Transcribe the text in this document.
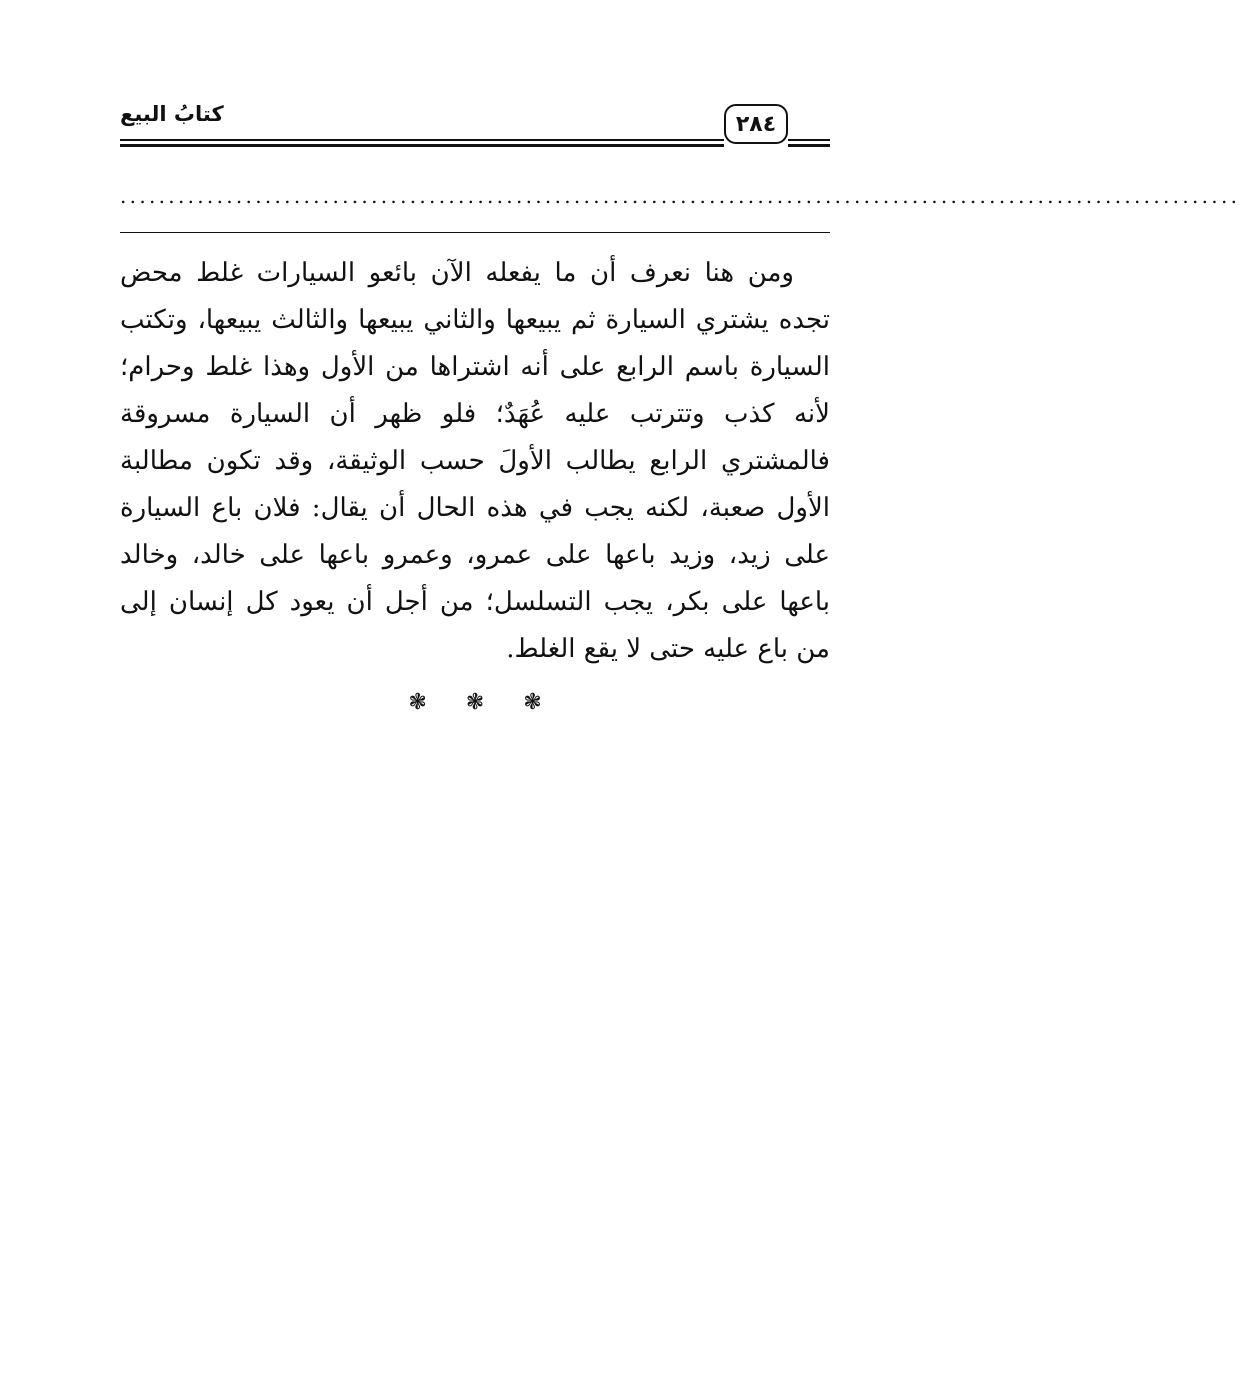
كتابُ البيع	٢٨٤
....................................................................................................................

ومن هنا نعرف أن ما يفعله الآن بائعو السيارات غلط محض تجده يشتري السيارة ثم يبيعها والثاني يبيعها والثالث يبيعها، وتكتب السيارة باسم الرابع على أنه اشتراها من الأول وهذا غلط وحرام؛ لأنه كذب وتترتب عليه عُهَدٌ؛ فلو ظهر أن السيارة مسروقة فالمشتري الرابع يطالب الأولَ حسب الوثيقة، وقد تكون مطالبة الأول صعبة، لكنه يجب في هذه الحال أن يقال: فلان باع السيارة على زيد، وزيد باعها على عمرو، وعمرو باعها على خالد، وخالد باعها على بكر، يجب التسلسل؛ من أجل أن يعود كل إنسان إلى من باع عليه حتى لا يقع الغلط.

❃ ❃ ❃
